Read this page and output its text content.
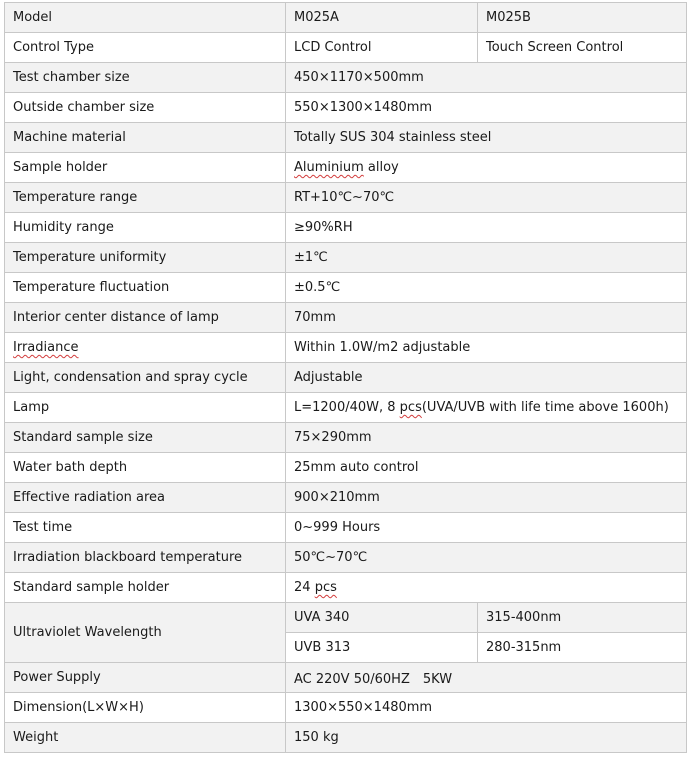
Model	M025A	M025B
Control Type	LCD Control	Touch Screen Control
Test chamber size	450×1170×500mm	
Outside chamber size	550×1300×1480mm	
Machine material	Totally SUS 304 stainless steel	
Sample holder	Aluminium alloy	
Temperature range	RT+10℃~70℃	
Humidity range	≥90%RH	
Temperature uniformity	±1℃	
Temperature fluctuation	±0.5℃	
Interior center distance of lamp	70mm	
Irradiance	Within 1.0W/m2 adjustable	
Light, condensation and spray cycle	Adjustable	
Lamp	L=1200/40W, 8 pcs(UVA/UVB with life time above 1600h)	
Standard sample size	75×290mm	
Water bath depth	25mm auto control	
Effective radiation area	900×210mm	
Test time	0~999 Hours	
Irradiation blackboard temperature	50℃~70℃	
Standard sample holder	24 pcs	
Ultraviolet Wavelength	UVA 340	315-400nm
	UVB 313	280-315nm
Power Supply	AC 220V 50/60HZ　5KW	
Dimension(L×W×H)	1300×550×1480mm	
Weight	150 kg	
